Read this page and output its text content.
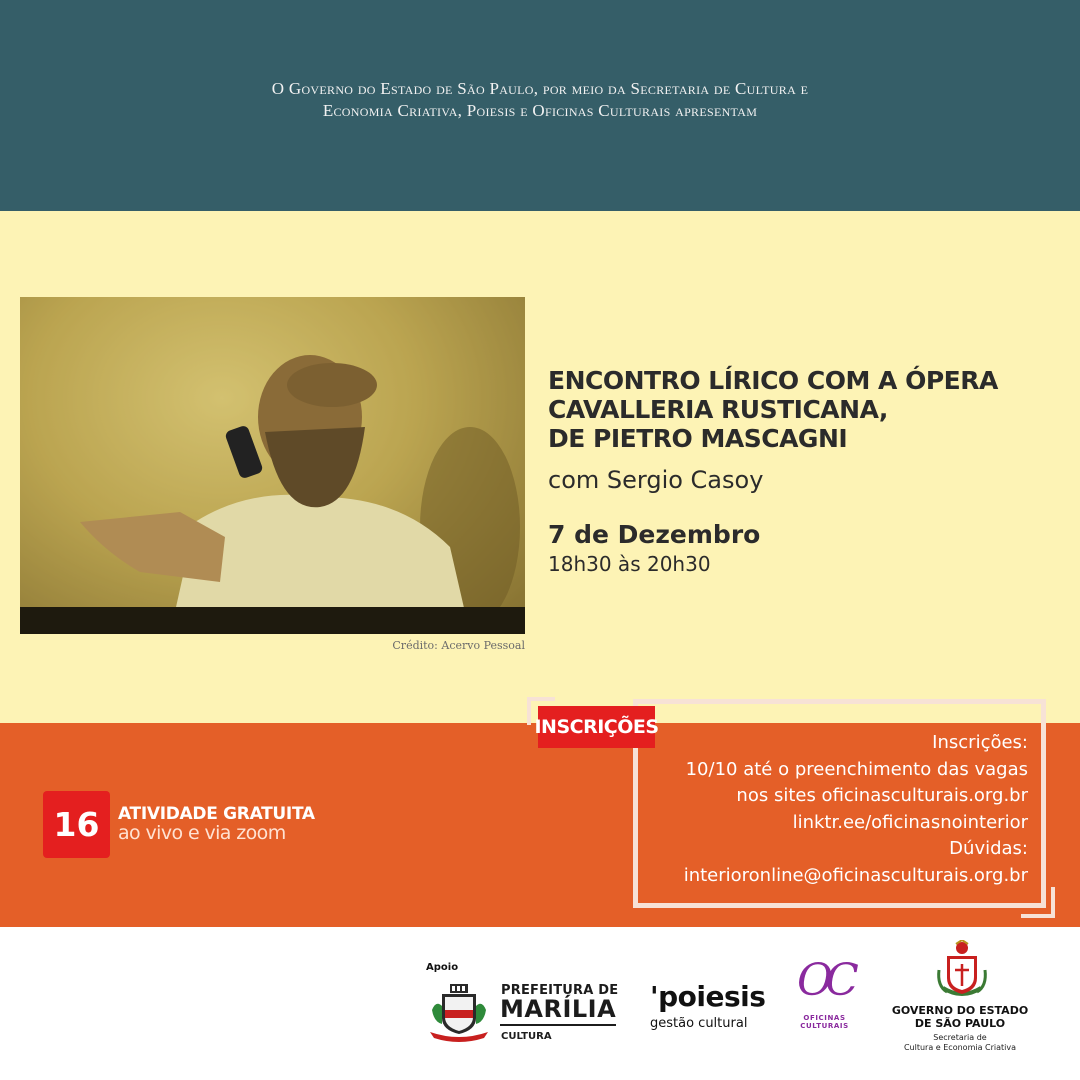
O Governo do Estado de São Paulo, por meio da Secretaria de Cultura e
Economia Criativa, Poiesis e Oficinas Culturais apresentam
Crédito: Acervo Pessoal
ENCONTRO LÍRICO COM A ÓPERA
CAVALLERIA RUSTICANA,
DE PIETRO MASCAGNI
com Sergio Casoy
7 de Dezembro
18h30 às 20h30
16	ATIVIDADE GRATUITA
ao vivo e via zoom
INSCRIÇÕES
Inscrições:
10/10 até o preenchimento das vagas
nos sites oficinasculturais.org.br
linktr.ee/oficinasnointerior
Dúvidas:
interioronline@oficinasculturais.org.br
Apoio
PREFEITURA DE
MARÍLIA
CULTURA
'poiesis
gestão cultural
OC
OFICINAS
CULTURAIS
GOVERNO DO ESTADO
DE SÃO PAULO
Secretaria de
Cultura e Economia Criativa
